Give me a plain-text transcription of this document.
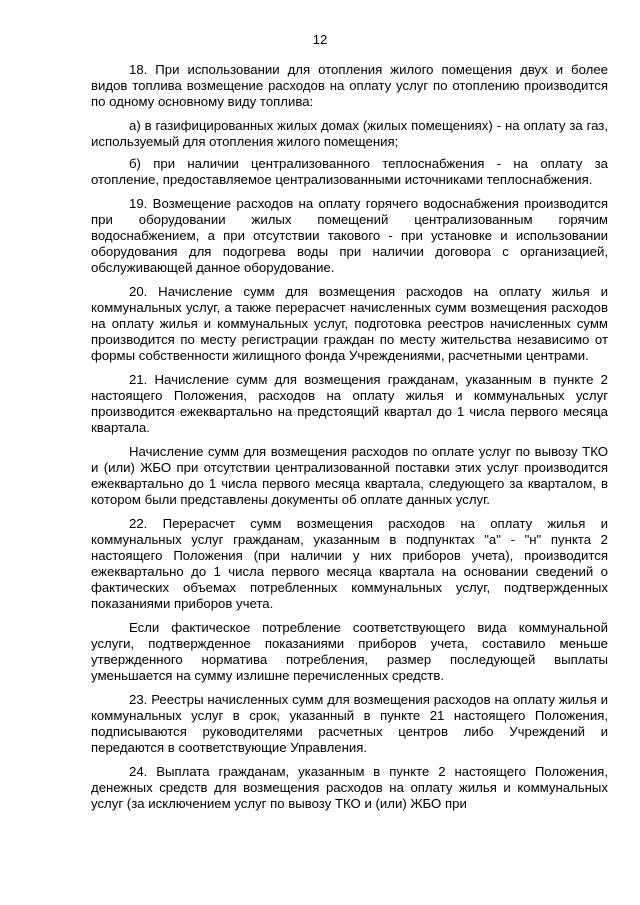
12

18. При использовании для отопления жилого помещения двух и более видов топлива возмещение расходов на оплату услуг по отоплению производится по одному основному виду топлива:

а) в газифицированных жилых домах (жилых помещениях) - на оплату за газ, используемый для отопления жилого помещения;

б) при наличии централизованного теплоснабжения - на оплату за отопление, предоставляемое централизованными источниками теплоснабжения.

19. Возмещение расходов на оплату горячего водоснабжения производится при оборудовании жилых помещений централизованным горячим водоснабжением, а при отсутствии такового - при установке и использовании оборудования для подогрева воды при наличии договора с организацией, обслуживающей данное оборудование.

20. Начисление сумм для возмещения расходов на оплату жилья и коммунальных услуг, а также перерасчет начисленных сумм возмещения расходов на оплату жилья и коммунальных услуг, подготовка реестров начисленных сумм производится по месту регистрации граждан по месту жительства независимо от формы собственности жилищного фонда Учреждениями, расчетными центрами.

21. Начисление сумм для возмещения гражданам, указанным в пункте 2 настоящего Положения, расходов на оплату жилья и коммунальных услуг производится ежеквартально на предстоящий квартал до 1 числа первого месяца квартала.

Начисление сумм для возмещения расходов по оплате услуг по вывозу ТКО и (или) ЖБО при отсутствии централизованной поставки этих услуг производится ежеквартально до 1 числа первого месяца квартала, следующего за кварталом, в котором были представлены документы об оплате данных услуг.

22. Перерасчет сумм возмещения расходов на оплату жилья и коммунальных услуг гражданам, указанным в подпунктах "а" - "н" пункта 2 настоящего Положения (при наличии у них приборов учета), производится ежеквартально до 1 числа первого месяца квартала на основании сведений о фактических объемах потребленных коммунальных услуг, подтвержденных показаниями приборов учета.

Если фактическое потребление соответствующего вида коммунальной услуги, подтвержденное показаниями приборов учета, составило меньше утвержденного норматива потребления, размер последующей выплаты уменьшается на сумму излишне перечисленных средств.

23. Реестры начисленных сумм для возмещения расходов на оплату жилья и коммунальных услуг в срок, указанный в пункте 21 настоящего Положения, подписываются руководителями расчетных центров либо Учреждений и передаются в соответствующие Управления.

24. Выплата гражданам, указанным в пункте 2 настоящего Положения, денежных средств для возмещения расходов на оплату жилья и коммунальных услуг (за исключением услуг по вывозу ТКО и (или) ЖБО при
